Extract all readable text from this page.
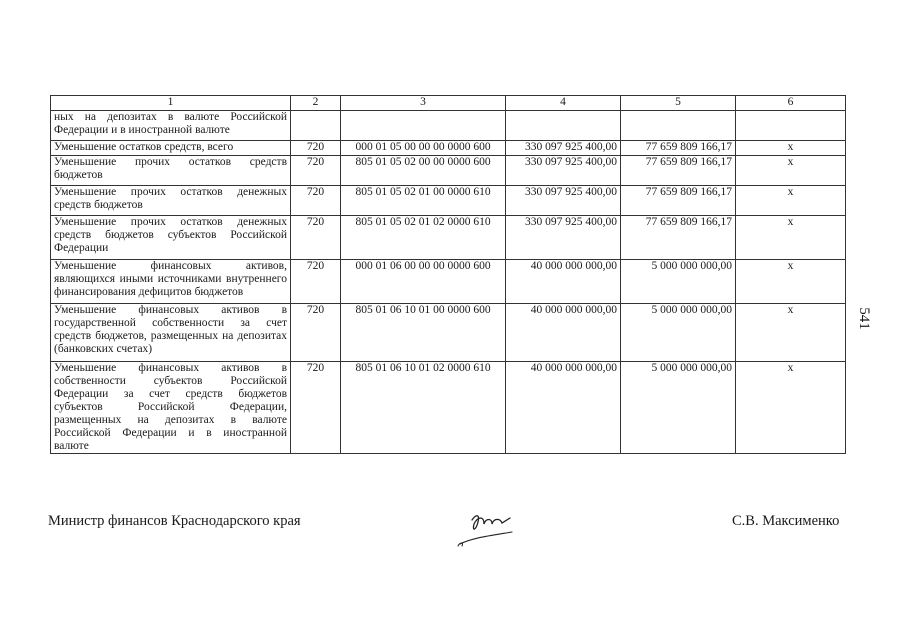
1	2	3	4	5	6
ных на депозитах в валюте Российской Федерации и в иностранной валюте					
Уменьшение остатков средств, всего	720	000 01 05 00 00 00 0000 600	330 097 925 400,00	77 659 809 166,17	x
Уменьшение прочих остатков средств бюджетов	720	805 01 05 02 00 00 0000 600	330 097 925 400,00	77 659 809 166,17	x
Уменьшение прочих остатков денежных средств бюджетов	720	805 01 05 02 01 00 0000 610	330 097 925 400,00	77 659 809 166,17	x
Уменьшение прочих остатков денежных средств бюджетов субъектов Российской Федерации	720	805 01 05 02 01 02 0000 610	330 097 925 400,00	77 659 809 166,17	x
Уменьшение финансовых активов, являющихся иными источниками внутреннего финансирования дефицитов бюджетов	720	000 01 06 00 00 00 0000 600	40 000 000 000,00	5 000 000 000,00	x
Уменьшение финансовых активов в государственной собственности за счет средств бюджетов, размещенных на депозитах (банковских счетах)	720	805 01 06 10 01 00 0000 600	40 000 000 000,00	5 000 000 000,00	x
Уменьшение финансовых активов в собственности субъектов Российской Федерации за счет средств бюджетов субъектов Российской Федерации, размещенных на депозитах в валюте Российской Федерации и в иностранной валюте	720	805 01 06 10 01 02 0000 610	40 000 000 000,00	5 000 000 000,00	x
541
Министр финансов Краснодарского края	С.В. Максименко
